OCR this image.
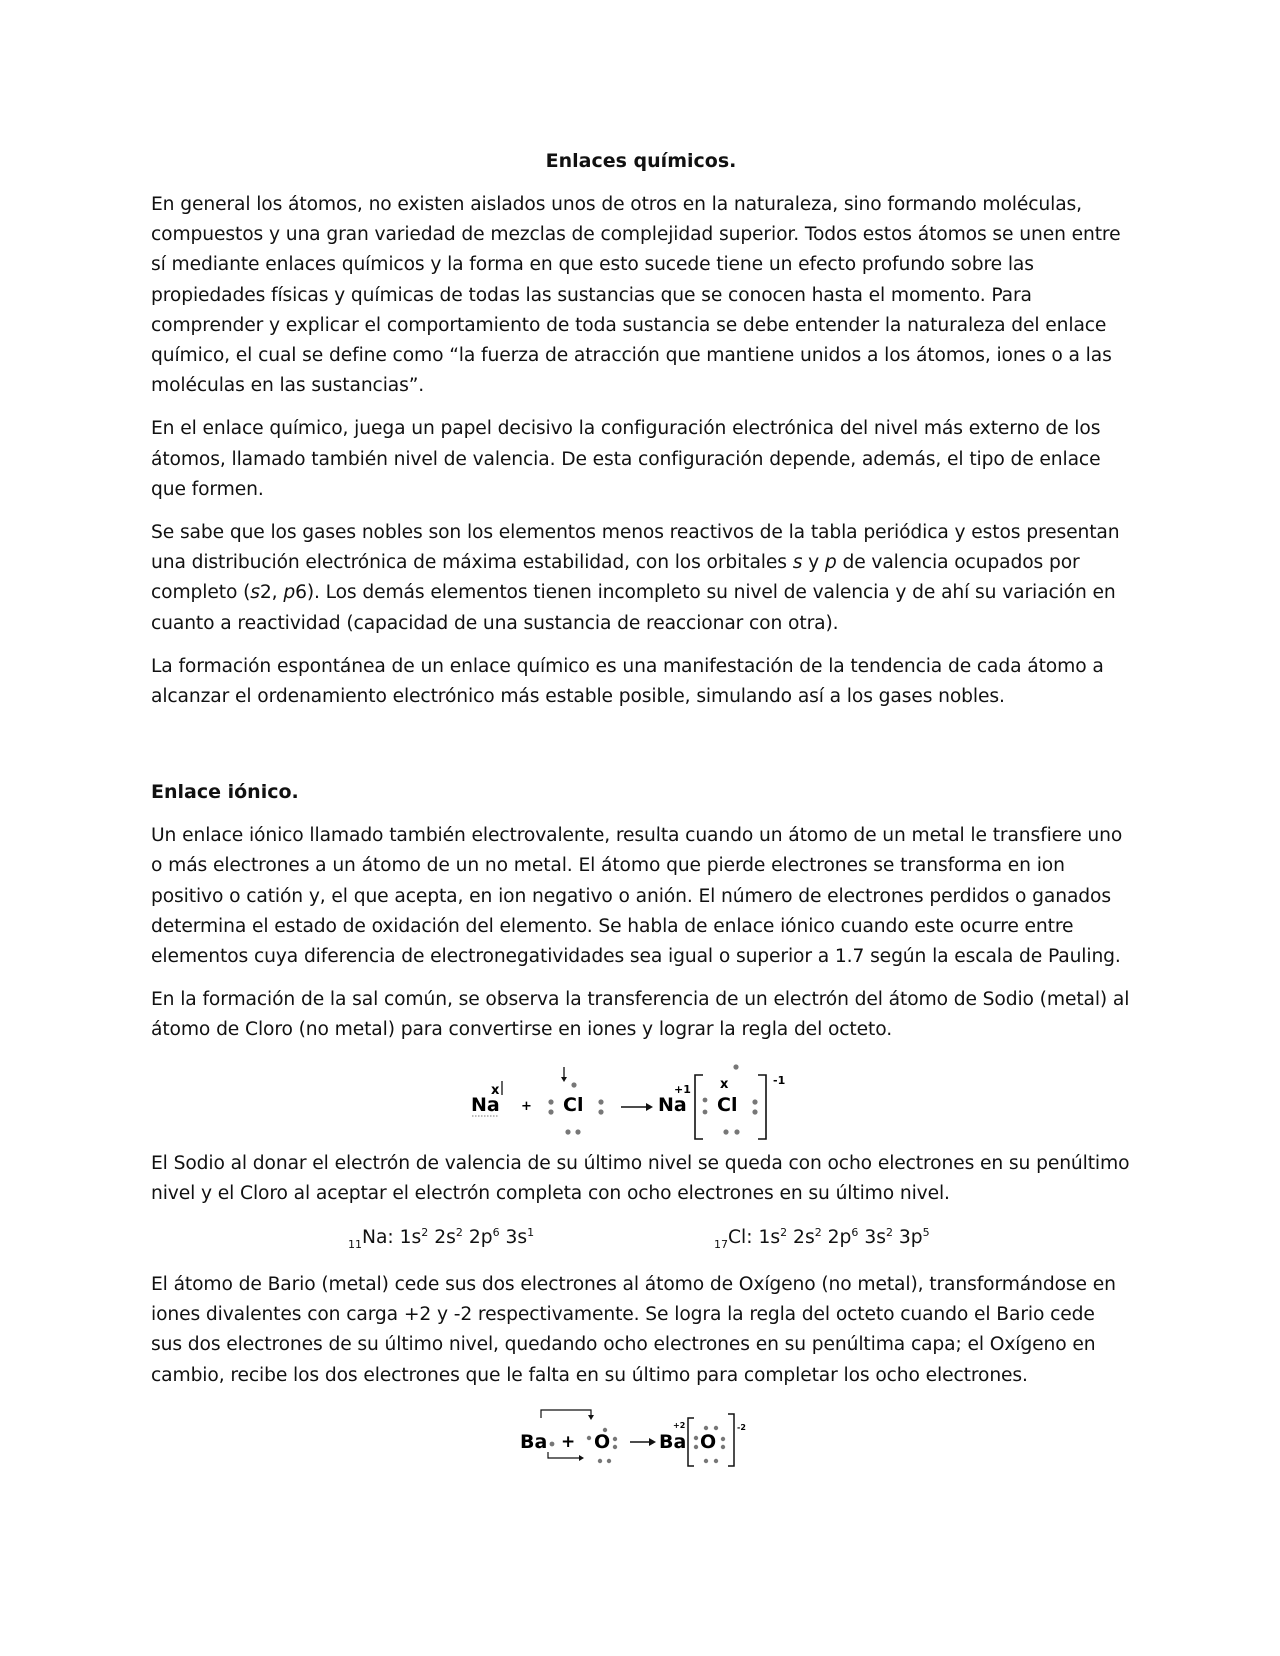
Enlaces químicos.

En general los átomos, no existen aislados unos de otros en la naturaleza, sino formando moléculas, compuestos y una gran variedad de mezclas de complejidad superior. Todos estos átomos se unen entre sí mediante enlaces químicos y la forma en que esto sucede tiene un efecto profundo sobre las propiedades físicas y químicas de todas las sustancias que se conocen hasta el momento. Para comprender y explicar el comportamiento de toda sustancia se debe entender la naturaleza del enlace químico, el cual se define como “la fuerza de atracción que mantiene unidos a los átomos, iones o a las moléculas en las sustancias”.

En el enlace químico, juega un papel decisivo la configuración electrónica del nivel más externo de los átomos, llamado también nivel de valencia. De esta configuración depende, además, el tipo de enlace que formen.

Se sabe que los gases nobles son los elementos menos reactivos de la tabla periódica y estos presentan una distribución electrónica de máxima estabilidad, con los orbitales s y p de valencia ocupados por completo (s2, p6). Los demás elementos tienen incompleto su nivel de valencia y de ahí su variación en cuanto a reactividad (capacidad de una sustancia de reaccionar con otra).

La formación espontánea de un enlace químico es una manifestación de la tendencia de cada átomo a alcanzar el ordenamiento electrónico más estable posible, simulando así a los gases nobles.

Enlace iónico.

Un enlace iónico llamado también electrovalente, resulta cuando un átomo de un metal le transfiere uno o más electrones a un átomo de un no metal. El átomo que pierde electrones se transforma en ion positivo o catión y, el que acepta, en ion negativo o anión. El número de electrones perdidos o ganados determina el estado de oxidación del elemento. Se habla de enlace iónico cuando este ocurre entre elementos cuya diferencia de electronegatividades sea igual o superior a 1.7 según la escala de Pauling.

En la formación de la sal común, se observa la transferencia de un electrón del átomo de Sodio (metal) al átomo de Cloro (no metal) para convertirse en iones y lograr la regla del octeto.

Na
x
+ Cl	Na
+1 x
Cl
-1

El Sodio al donar el electrón de valencia de su último nivel se queda con ocho electrones en su penúltimo nivel y el Cloro al aceptar el electrón completa con ocho electrones en su último nivel.

$_{11}$Na: $1s^2$ $2s^2$ $2p^6$ $3s^1$
$_{17}$Cl: $1s^2$ $2s^2$ $2p^6$ $3s^2$ $3p^5$

El átomo de Bario (metal) cede sus dos electrones al átomo de Oxígeno (no metal), transformándose en iones divalentes con carga +2 y -2 respectivamente. Se logra la regla del octeto cuando el Bario cede sus dos electrones de su último nivel, quedando ocho electrones en su penúltima capa; el Oxígeno en cambio, recibe los dos electrones que le falta en su último para completar los ocho electrones.

Ba + O	Ba
+2
O
-2
